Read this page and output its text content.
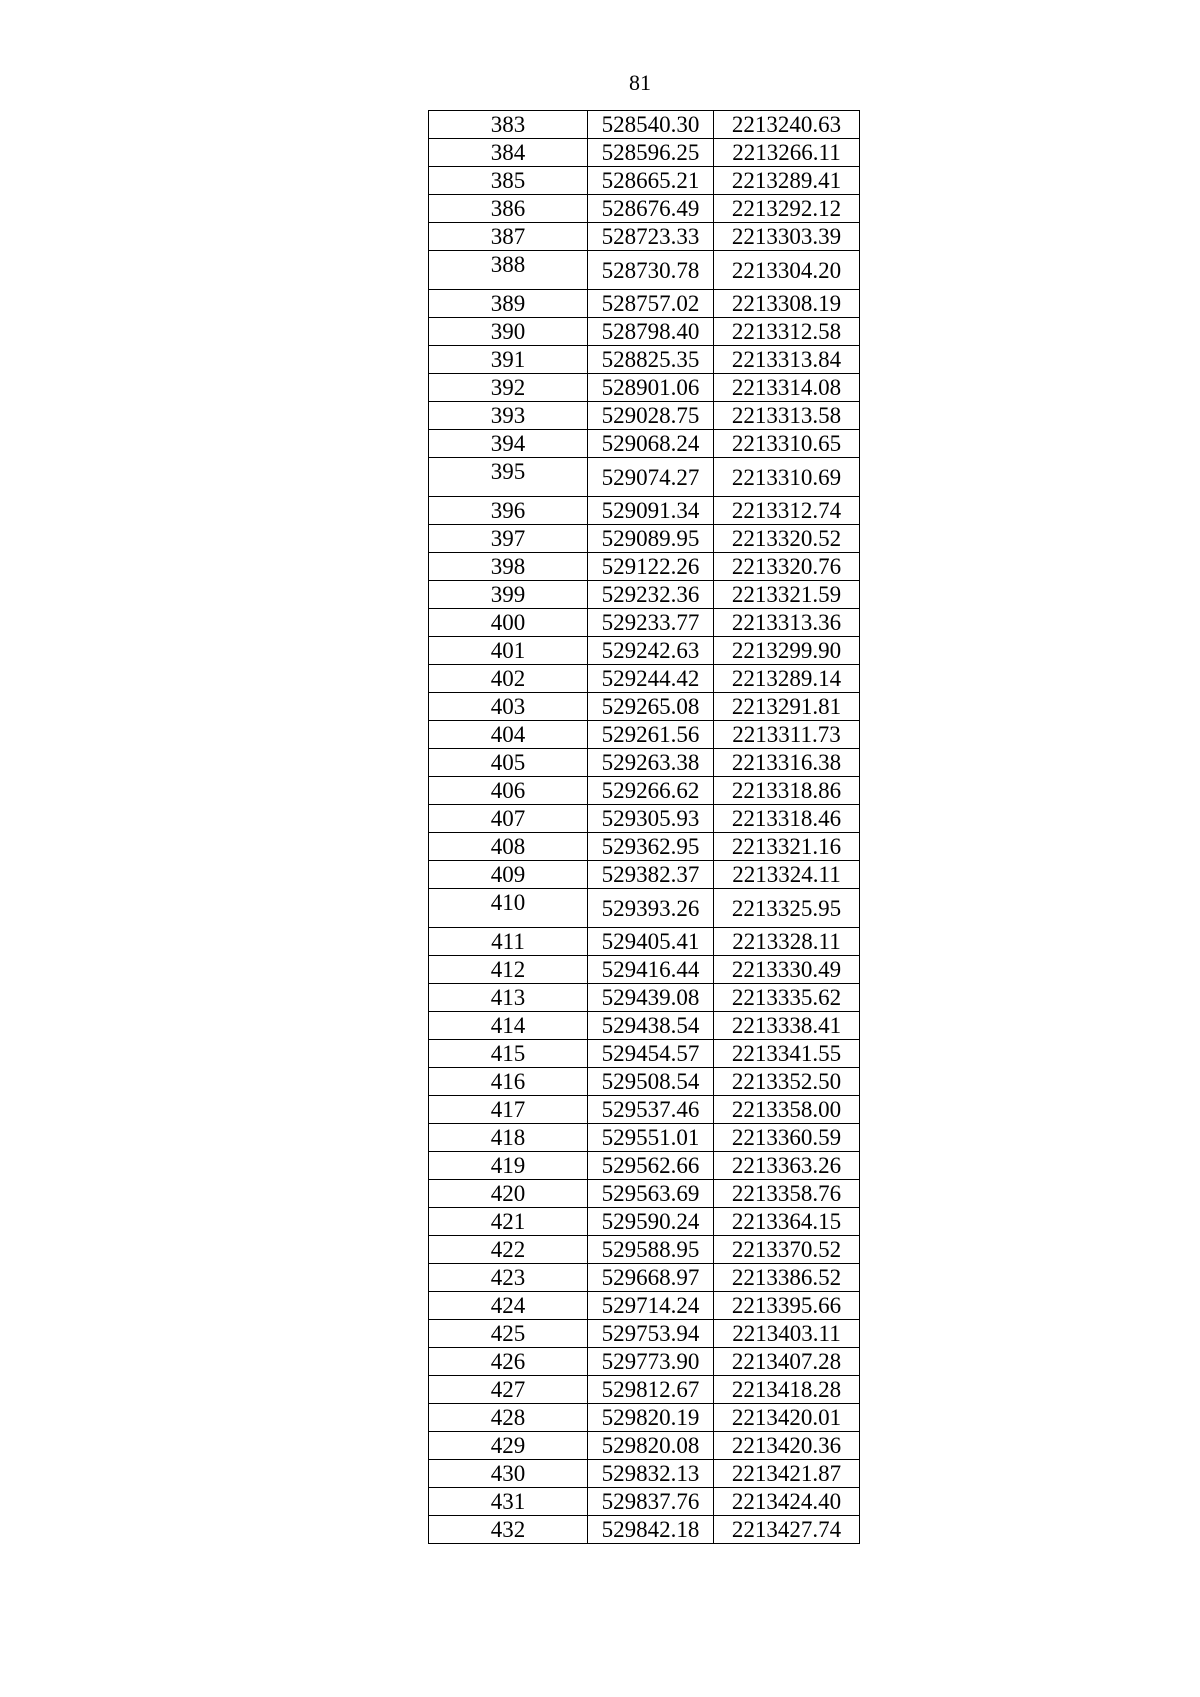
81
383	528540.30	2213240.63
384	528596.25	2213266.11
385	528665.21	2213289.41
386	528676.49	2213292.12
387	528723.33	2213303.39
388	528730.78	2213304.20
389	528757.02	2213308.19
390	528798.40	2213312.58
391	528825.35	2213313.84
392	528901.06	2213314.08
393	529028.75	2213313.58
394	529068.24	2213310.65
395	529074.27	2213310.69
396	529091.34	2213312.74
397	529089.95	2213320.52
398	529122.26	2213320.76
399	529232.36	2213321.59
400	529233.77	2213313.36
401	529242.63	2213299.90
402	529244.42	2213289.14
403	529265.08	2213291.81
404	529261.56	2213311.73
405	529263.38	2213316.38
406	529266.62	2213318.86
407	529305.93	2213318.46
408	529362.95	2213321.16
409	529382.37	2213324.11
410	529393.26	2213325.95
411	529405.41	2213328.11
412	529416.44	2213330.49
413	529439.08	2213335.62
414	529438.54	2213338.41
415	529454.57	2213341.55
416	529508.54	2213352.50
417	529537.46	2213358.00
418	529551.01	2213360.59
419	529562.66	2213363.26
420	529563.69	2213358.76
421	529590.24	2213364.15
422	529588.95	2213370.52
423	529668.97	2213386.52
424	529714.24	2213395.66
425	529753.94	2213403.11
426	529773.90	2213407.28
427	529812.67	2213418.28
428	529820.19	2213420.01
429	529820.08	2213420.36
430	529832.13	2213421.87
431	529837.76	2213424.40
432	529842.18	2213427.74
